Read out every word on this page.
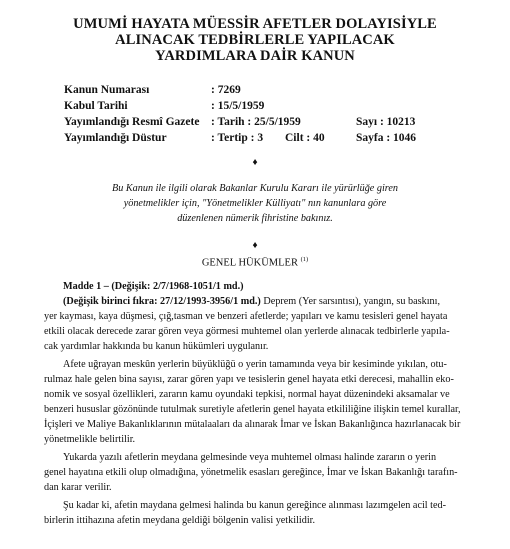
UMUMİ HAYATA MÜESSİR AFETLER DOLAYISİYLE
ALINACAK TEDBİRLERLE YAPILACAK
YARDIMLARA DAİR KANUN
Kanun Numarası	: 7269
Kabul Tarihi	: 15/5/1959
Yayımlandığı Resmî Gazete : Tarih : 25/5/1959	Sayı : 10213
Yayımlandığı Düstur	: Tertip : 3 Cilt : 40	Sayfa : 1046
♦
Bu Kanun ile ilgili olarak Bakanlar Kurulu Kararı ile yürürlüğe giren
yönetmelikler için, "Yönetmelikler Külliyatı" nın kanunlara göre
düzenlenen nümerik fihristine bakınız.
♦
GENEL HÜKÜMLER $^{(1)}$
Madde 1 – (Değişik: 2/7/1968-1051/1 md.)
(Değişik birinci fıkra: 27/12/1993-3956/1 md.) Deprem (Yer sarsıntısı), yangın, su baskını,
yer kayması, kaya düşmesi, çığ,tasman ve benzeri afetlerde; yapıları ve kamu tesisleri genel hayata
etkili olacak derecede zarar gören veya görmesi muhtemel olan yerlerde alınacak tedbirlerle yapıla-
cak yardımlar hakkında bu kanun hükümleri uygulanır.
Afete uğrayan meskûn yerlerin büyüklüğü o yerin tamamında veya bir kesiminde yıkılan, otu-
rulmaz hale gelen bina sayısı, zarar gören yapı ve tesislerin genel hayata etki derecesi, mahallin eko-
nomik ve sosyal özellikleri, zararın kamu oyundaki tepkisi, normal hayat düzenindeki aksamalar ve
benzeri hususlar gözönünde tutulmak suretiyle afetlerin genel hayata etkililiğine ilişkin temel kurallar,
İçişleri ve Maliye Bakanlıklarının mütalaaları da alınarak İmar ve İskan Bakanlığınca hazırlanacak bir
yönetmelikle belirtilir.
Yukarda yazılı afetlerin meydana gelmesinde veya muhtemel olması halinde zararın o yerin
genel hayatına etkili olup olmadığına, yönetmelik esasları gereğince, İmar ve İskan Bakanlığı tarafın-
dan karar verilir.
Şu kadar ki, afetin maydana gelmesi halinda bu kanun gereğince alınması lazımgelen acil ted-
birlerin ittihazına afetin meydana geldiği bölgenin valisi yetkilidir.
